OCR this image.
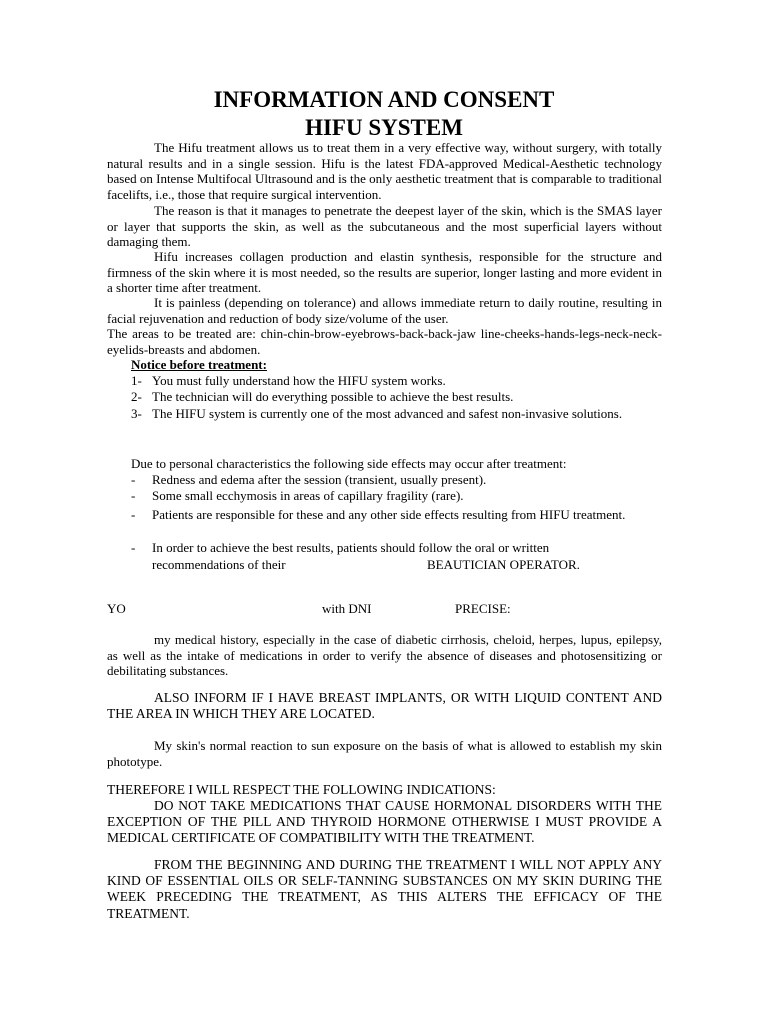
INFORMATION AND CONSENT
HIFU SYSTEM

The Hifu treatment allows us to treat them in a very effective way, without surgery, with totally natural results and in a single session. Hifu is the latest FDA-approved Medical-Aesthetic technology based on Intense Multifocal Ultrasound and is the only aesthetic treatment that is comparable to traditional facelifts, i.e., those that require surgical intervention.

The reason is that it manages to penetrate the deepest layer of the skin, which is the SMAS layer or layer that supports the skin, as well as the subcutaneous and the most superficial layers without damaging them.

Hifu increases collagen production and elastin synthesis, responsible for the structure and firmness of the skin where it is most needed, so the results are superior, longer lasting and more evident in a shorter time after treatment.

It is painless (depending on tolerance) and allows immediate return to daily routine, resulting in facial rejuvenation and reduction of body size/volume of the user.

The areas to be treated are: chin-chin-brow-eyebrows-back-back-jaw line-cheeks-hands-legs-neck-neck-eyelids-breasts and abdomen.

Notice before treatment:

1- You must fully understand how the HIFU system works.
2- The technician will do everything possible to achieve the best results.
3- The HIFU system is currently one of the most advanced and safest non-invasive solutions.

Due to personal characteristics the following side effects may occur after treatment:

- Redness and edema after the session (transient, usually present).
- Some small ecchymosis in areas of capillary fragility (rare).
- Patients are responsible for these and any other side effects resulting from HIFU treatment.
- In order to achieve the best results, patients should follow the oral or written
recommendations of their	BEAUTICIAN OPERATOR.
YO	with DNI	PRECISE:

my medical history, especially in the case of diabetic cirrhosis, cheloid, herpes, lupus, epilepsy, as well as the intake of medications in order to verify the absence of diseases and photosensitizing or debilitating substances.

ALSO INFORM IF I HAVE BREAST IMPLANTS, OR WITH LIQUID CONTENT AND THE AREA IN WHICH THEY ARE LOCATED.

My skin's normal reaction to sun exposure on the basis of what is allowed to establish my skin phototype.

THEREFORE I WILL RESPECT THE FOLLOWING INDICATIONS:

DO NOT TAKE MEDICATIONS THAT CAUSE HORMONAL DISORDERS WITH THE EXCEPTION OF THE PILL AND THYROID HORMONE OTHERWISE I MUST PROVIDE A MEDICAL CERTIFICATE OF COMPATIBILITY WITH THE TREATMENT.

FROM THE BEGINNING AND DURING THE TREATMENT I WILL NOT APPLY ANY KIND OF ESSENTIAL OILS OR SELF-TANNING SUBSTANCES ON MY SKIN DURING THE WEEK PRECEDING THE TREATMENT, AS THIS ALTERS THE EFFICACY OF THE TREATMENT.
